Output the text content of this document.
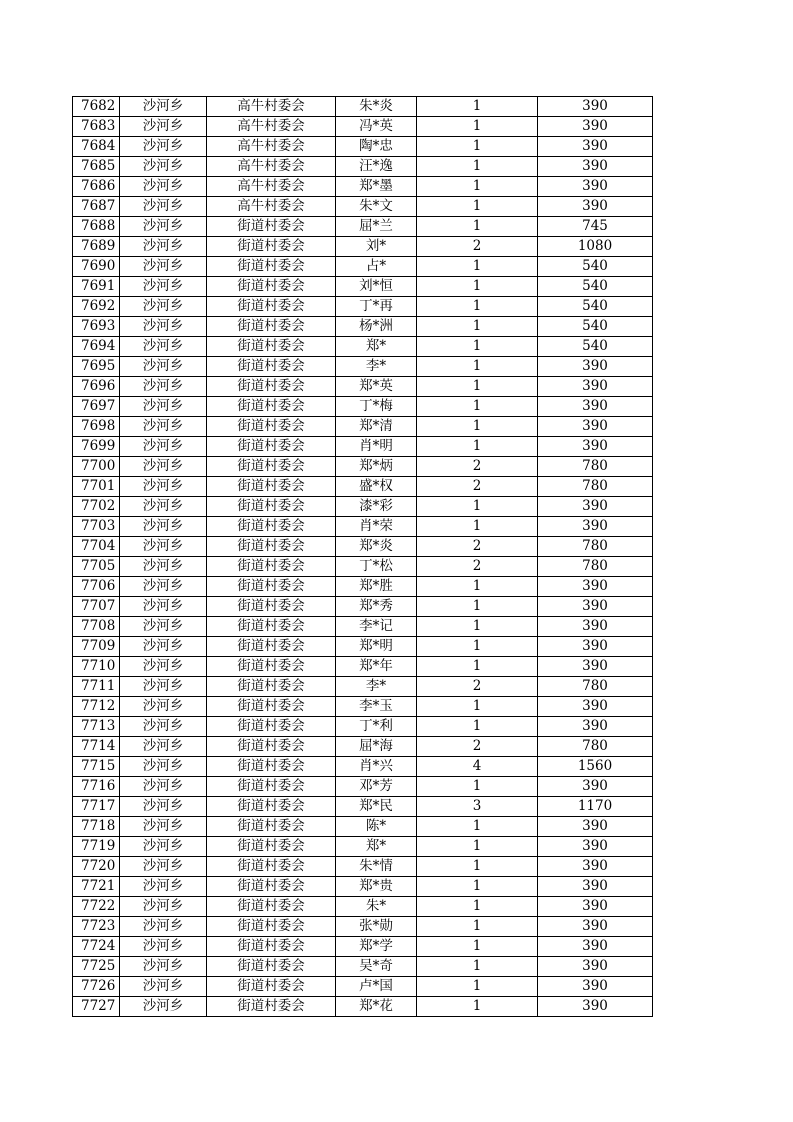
7682	沙河乡	高牛村委会	朱*炎	1	390
7683	沙河乡	高牛村委会	冯*英	1	390
7684	沙河乡	高牛村委会	陶*忠	1	390
7685	沙河乡	高牛村委会	汪*逸	1	390
7686	沙河乡	高牛村委会	郑*墨	1	390
7687	沙河乡	高牛村委会	朱*文	1	390
7688	沙河乡	街道村委会	屈*兰	1	745
7689	沙河乡	街道村委会	刘*	2	1080
7690	沙河乡	街道村委会	占*	1	540
7691	沙河乡	街道村委会	刘*恒	1	540
7692	沙河乡	街道村委会	丁*再	1	540
7693	沙河乡	街道村委会	杨*洲	1	540
7694	沙河乡	街道村委会	郑*	1	540
7695	沙河乡	街道村委会	李*	1	390
7696	沙河乡	街道村委会	郑*英	1	390
7697	沙河乡	街道村委会	丁*梅	1	390
7698	沙河乡	街道村委会	郑*清	1	390
7699	沙河乡	街道村委会	肖*明	1	390
7700	沙河乡	街道村委会	郑*炳	2	780
7701	沙河乡	街道村委会	盛*权	2	780
7702	沙河乡	街道村委会	漆*彩	1	390
7703	沙河乡	街道村委会	肖*荣	1	390
7704	沙河乡	街道村委会	郑*炎	2	780
7705	沙河乡	街道村委会	丁*松	2	780
7706	沙河乡	街道村委会	郑*胜	1	390
7707	沙河乡	街道村委会	郑*秀	1	390
7708	沙河乡	街道村委会	李*记	1	390
7709	沙河乡	街道村委会	郑*明	1	390
7710	沙河乡	街道村委会	郑*年	1	390
7711	沙河乡	街道村委会	李*	2	780
7712	沙河乡	街道村委会	李*玉	1	390
7713	沙河乡	街道村委会	丁*利	1	390
7714	沙河乡	街道村委会	屈*海	2	780
7715	沙河乡	街道村委会	肖*兴	4	1560
7716	沙河乡	街道村委会	邓*芳	1	390
7717	沙河乡	街道村委会	郑*民	3	1170
7718	沙河乡	街道村委会	陈*	1	390
7719	沙河乡	街道村委会	郑*	1	390
7720	沙河乡	街道村委会	朱*情	1	390
7721	沙河乡	街道村委会	郑*贵	1	390
7722	沙河乡	街道村委会	朱*	1	390
7723	沙河乡	街道村委会	张*勋	1	390
7724	沙河乡	街道村委会	郑*学	1	390
7725	沙河乡	街道村委会	吴*奇	1	390
7726	沙河乡	街道村委会	卢*国	1	390
7727	沙河乡	街道村委会	郑*花	1	390
